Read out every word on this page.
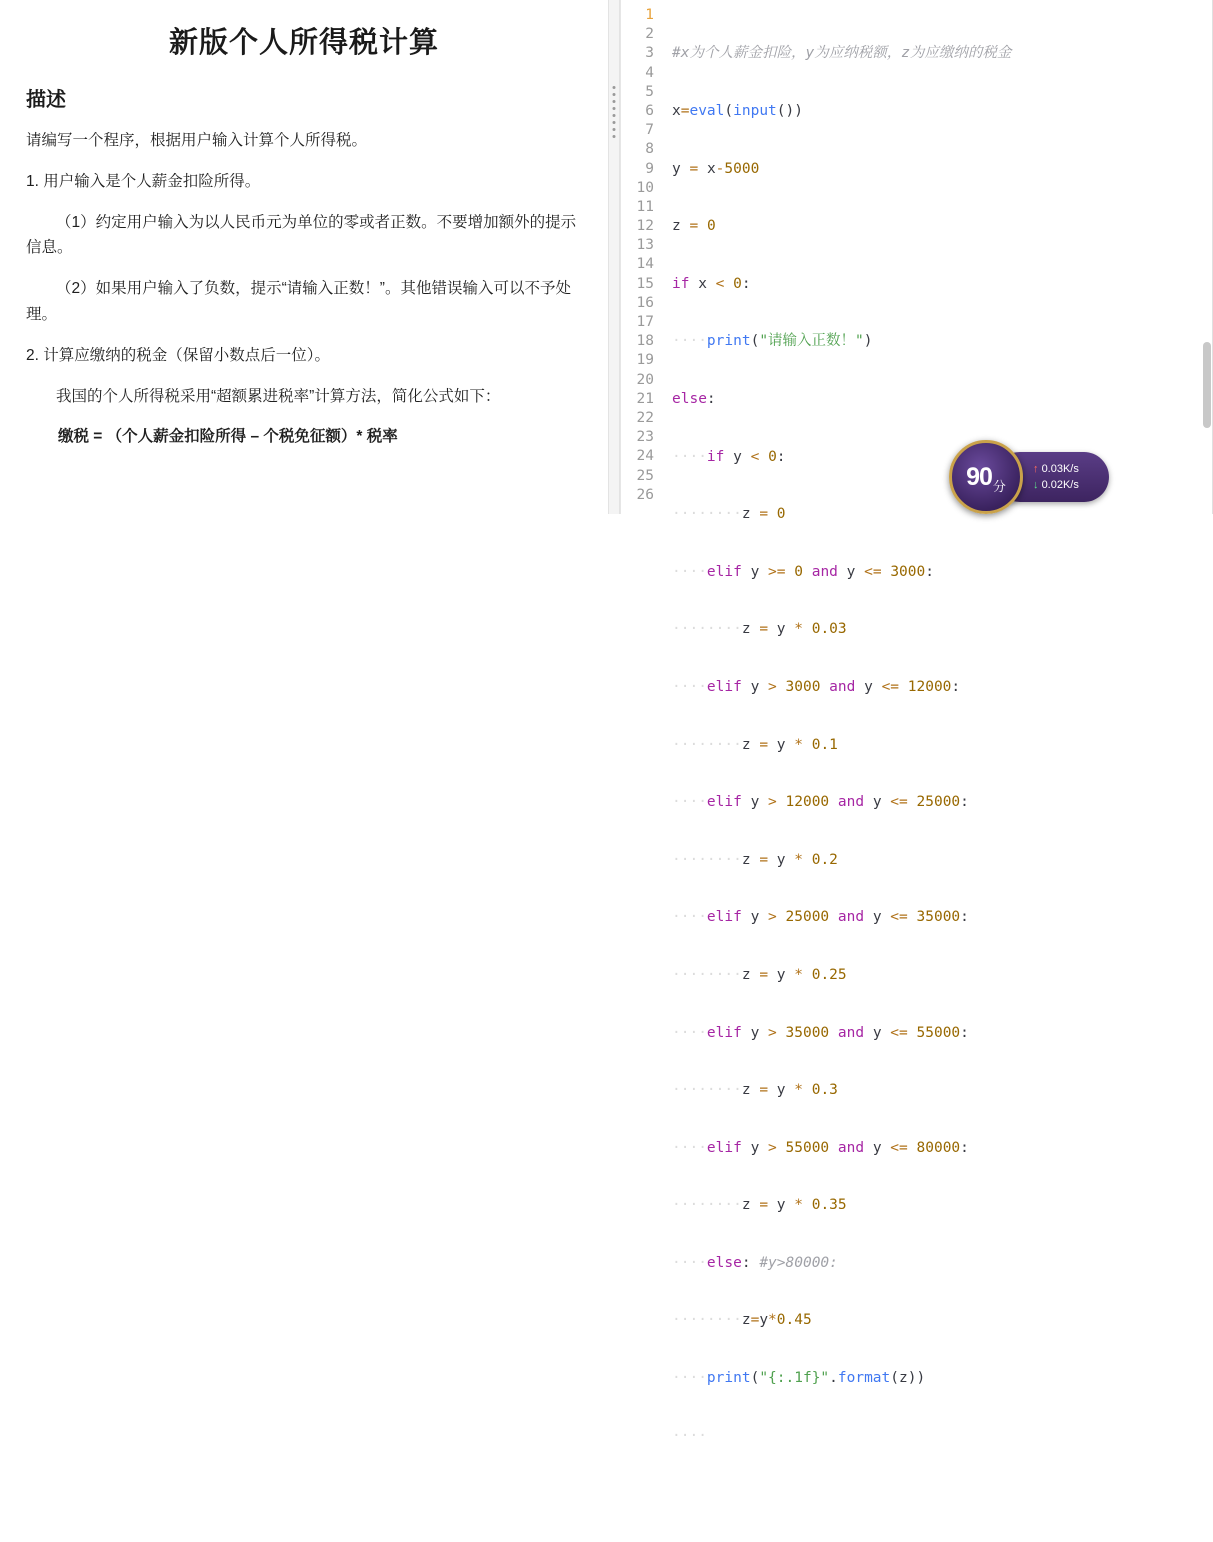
新版个人所得税计算
描述
请编写一个程序，根据用户输入计算个人所得税。
1. 用户输入是个人薪金扣险所得。
（1）约定用户输入为以人民币元为单位的零或者正数。不要增加额外的提示信息。
（2）如果用户输入了负数，提示“请输入正数！”。其他错误输入可以不予处理。
2. 计算应缴纳的税金（保留小数点后一位）。
我国的个人所得税采用“超额累进税率”计算方法，简化公式如下：
缴税 = （个人薪金扣险所得 – 个税免征额）* 税率
1
2
3
4
5
6
7
8
9
10
11
12
13
14
15
16
17
18
19
20
21
22
23
24
25
26

#x为个人薪金扣险，y为应纳税额，z为应缴纳的税金

x=eval(input())

y = x-5000

z = 0

if x < 0:

····print("请输入正数！")

else:

····if y < 0:

········z = 0

····elif y >= 0 and y <= 3000:

········z = y * 0.03

····elif y > 3000 and y <= 12000:

········z = y * 0.1

····elif y > 12000 and y <= 25000:

········z = y * 0.2

····elif y > 25000 and y <= 35000:

········z = y * 0.25

····elif y > 35000 and y <= 55000:

········z = y * 0.3

····elif y > 55000 and y <= 80000:

········z = y * 0.35

····else: #y>80000:

········z=y*0.45

····print("{:.1f}".format(z))

····

↑ 0.03K/s
↓ 0.02K/s
90 分
